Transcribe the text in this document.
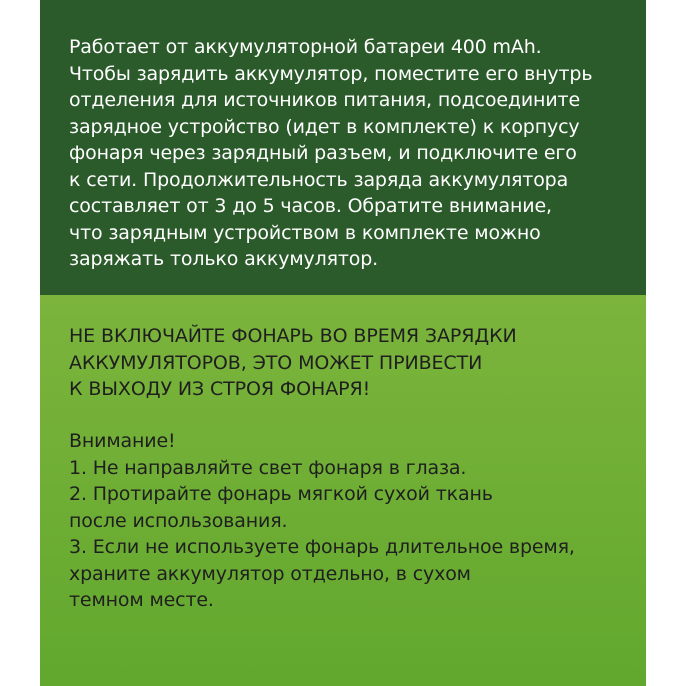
Работает от аккумуляторной батареи 400 mAh.
Чтобы зарядить аккумулятор, поместите его внутрь
отделения для источников питания, подсоедините
зарядное устройство (идет в комплекте) к корпусу
фонаря через зарядный разъем, и подключите его
к сети. Продолжительность заряда аккумулятора
составляет от 3 до 5 часов. Обратите внимание,
что зарядным устройством в комплекте можно
заряжать только аккумулятор.

НЕ ВКЛЮЧАЙТЕ ФОНАРЬ ВО ВРЕМЯ ЗАРЯДКИ
АККУМУЛЯТОРОВ, ЭТО МОЖЕТ ПРИВЕСТИ
К ВЫХОДУ ИЗ СТРОЯ ФОНАРЯ!

Внимание!
1. Не направляйте свет фонаря в глаза.
2. Протирайте фонарь мягкой сухой ткань
после использования.
3. Если не используете фонарь длительное время,
храните аккумулятор отдельно, в сухом
темном месте.
